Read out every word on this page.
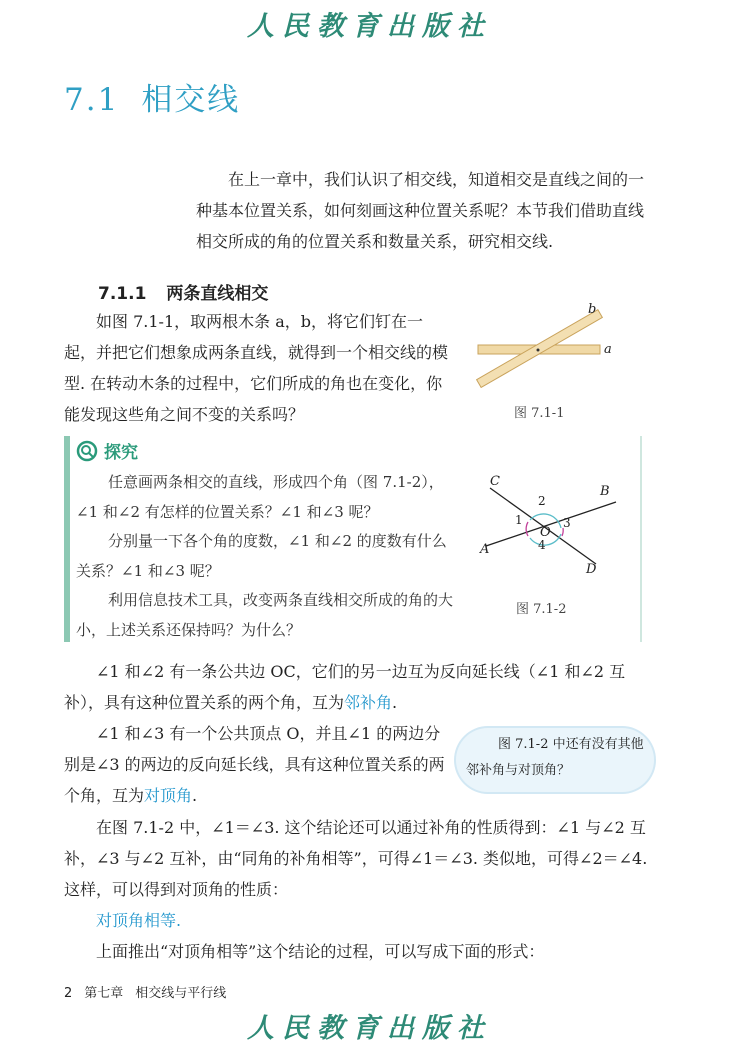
人民教育出版社
7.1 相交线
在上一章中，我们认识了相交线，知道相交是直线之间的一种基本位置关系，如何刻画这种位置关系呢？本节我们借助直线相交所成的角的位置关系和数量关系，研究相交线.
7.1.1 两条直线相交
如图 7.1-1，取两根木条 a，b，将它们钉在一起，并把它们想象成两条直线，就得到一个相交线的模型. 在转动木条的过程中，它们所成的角也在变化，你能发现这些角之间不变的关系吗？
b
a
图 7.1-1
探究
任意画两条相交的直线，形成四个角（图 7.1-2），∠1 和∠2 有怎样的位置关系？∠1 和∠3 呢？
分别量一下各个角的度数，∠1 和∠2 的度数有什么关系？∠1 和∠3 呢？
利用信息技术工具，改变两条直线相交所成的角的大小，上述关系还保持吗？为什么？
C
B
A
D
O
1
2
3
4
图 7.1-2
∠1 和∠2 有一条公共边 OC，它们的另一边互为反向延长线（∠1 和∠2 互补），具有这种位置关系的两个角，互为邻补角.
∠1 和∠3 有一个公共顶点 O，并且∠1 的两边分别是∠3 的两边的反向延长线，具有这种位置关系的两个角，互为对顶角.
图 7.1-2 中还有没有其他邻补角与对顶角？
在图 7.1-2 中，∠1＝∠3. 这个结论还可以通过补角的性质得到：∠1 与∠2 互补，∠3 与∠2 互补，由“同角的补角相等”，可得∠1＝∠3. 类似地，可得∠2＝∠4. 这样，可以得到对顶角的性质：
对顶角相等.
上面推出“对顶角相等”这个结论的过程，可以写成下面的形式：
2 第七章 相交线与平行线
人民教育出版社
